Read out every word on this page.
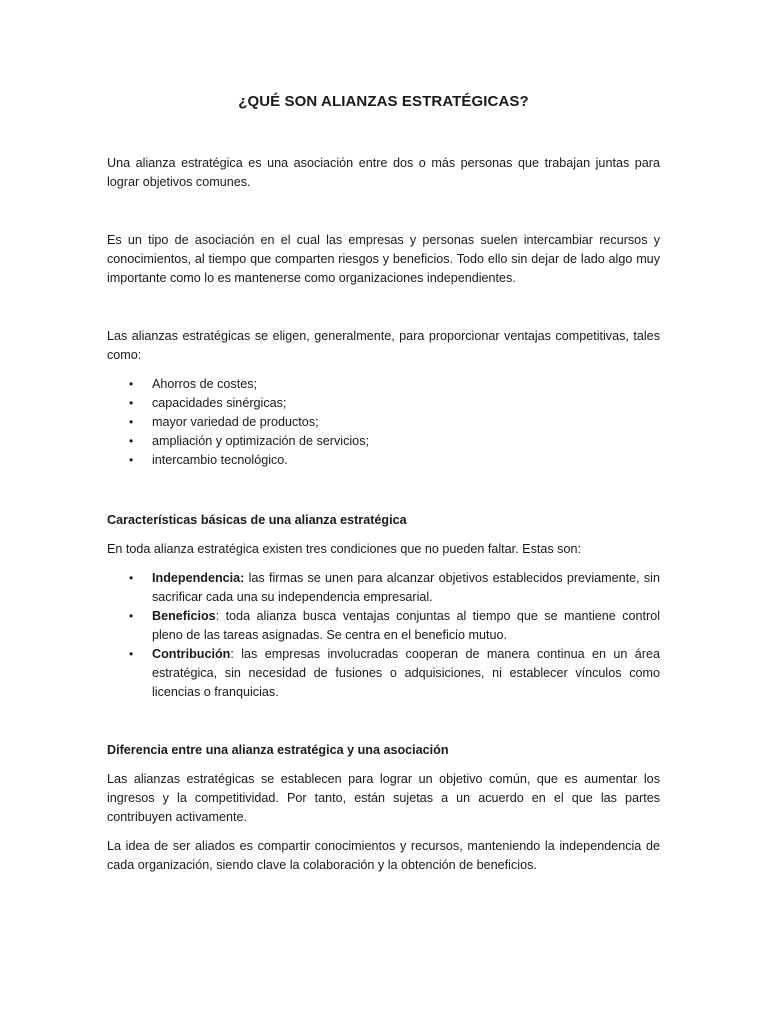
¿QUÉ SON ALIANZAS ESTRATÉGICAS?

Una alianza estratégica es una asociación entre dos o más personas que trabajan juntas para lograr objetivos comunes.

Es un tipo de asociación en el cual las empresas y personas suelen intercambiar recursos y conocimientos, al tiempo que comparten riesgos y beneficios. Todo ello sin dejar de lado algo muy importante como lo es mantenerse como organizaciones independientes.

Las alianzas estratégicas se eligen, generalmente, para proporcionar ventajas competitivas, tales como:

• Ahorros de costes;
• capacidades sinérgicas;
• mayor variedad de productos;
• ampliación y optimización de servicios;
• intercambio tecnológico.
Características básicas de una alianza estratégica

En toda alianza estratégica existen tres condiciones que no pueden faltar. Estas son:

• Independencia: las firmas se unen para alcanzar objetivos establecidos previamente, sin sacrificar cada una su independencia empresarial.
• Beneficios: toda alianza busca ventajas conjuntas al tiempo que se mantiene control pleno de las tareas asignadas. Se centra en el beneficio mutuo.
• Contribución: las empresas involucradas cooperan de manera continua en un área estratégica, sin necesidad de fusiones o adquisiciones, ni establecer vínculos como licencias o franquicias.
Diferencia entre una alianza estratégica y una asociación

Las alianzas estratégicas se establecen para lograr un objetivo común, que es aumentar los ingresos y la competitividad. Por tanto, están sujetas a un acuerdo en el que las partes contribuyen activamente.

La idea de ser aliados es compartir conocimientos y recursos, manteniendo la independencia de cada organización, siendo clave la colaboración y la obtención de beneficios.
